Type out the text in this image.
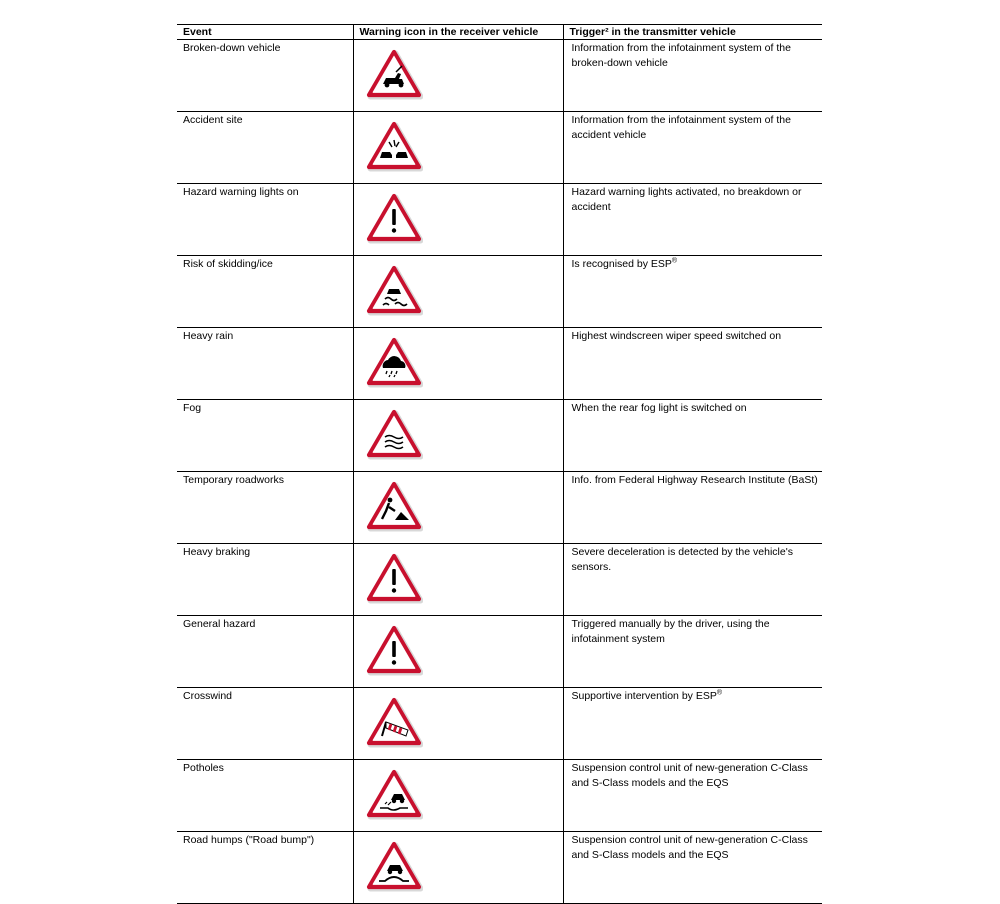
Event	Warning icon in the receiver vehicle	Trigger² in the transmitter vehicle
Broken-down vehicle		Information from the infotainment system of the broken-down vehicle
Accident site		Information from the infotainment system of the accident vehicle
Hazard warning lights on		Hazard warning lights activated, no breakdown or accident
Risk of skidding/ice		Is recognised by ESP®
Heavy rain		Highest windscreen wiper speed switched on
Fog		When the rear fog light is switched on
Temporary roadworks		Info. from Federal Highway Research Institute (BaSt)
Heavy braking		Severe deceleration is detected by the vehicle's sensors.
General hazard		Triggered manually by the driver, using the infotainment system
Crosswind		Supportive intervention by ESP®
Potholes		Suspension control unit of new-generation C-Class and S-Class models and the EQS
Road humps ("Road bump")		Suspension control unit of new-generation C-Class and S-Class models and the EQS
